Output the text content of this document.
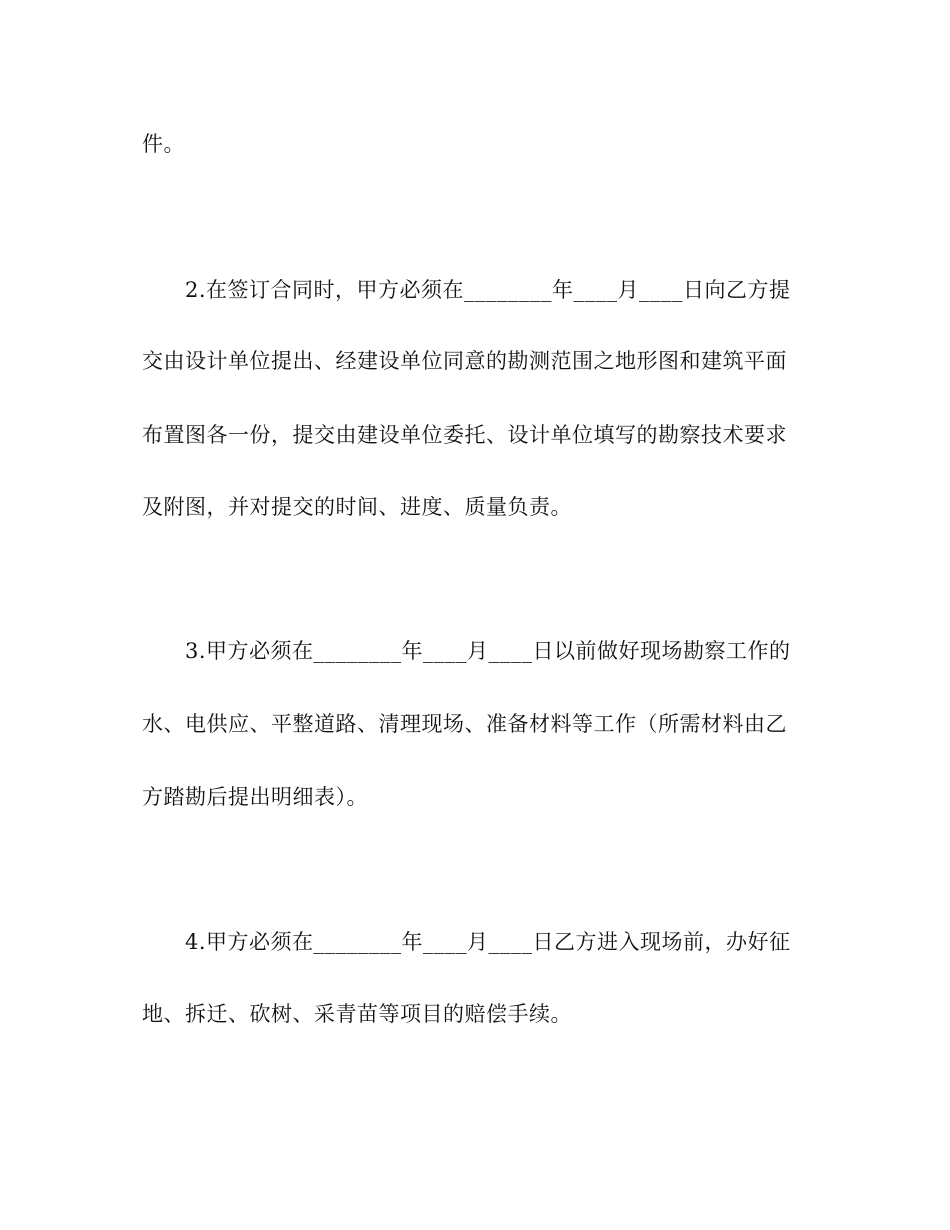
件。
2.在签订合同时，甲方必须在________年____月____日向乙方提
交由设计单位提出、经建设单位同意的勘测范围之地形图和建筑平面
布置图各一份，提交由建设单位委托、设计单位填写的勘察技术要求
及附图，并对提交的时间、进度、质量负责。
3.甲方必须在________年____月____日以前做好现场勘察工作的
水、电供应、平整道路、清理现场、准备材料等工作（所需材料由乙
方踏勘后提出明细表）。
4.甲方必须在________年____月____日乙方进入现场前，办好征
地、拆迁、砍树、采青苗等项目的赔偿手续。
